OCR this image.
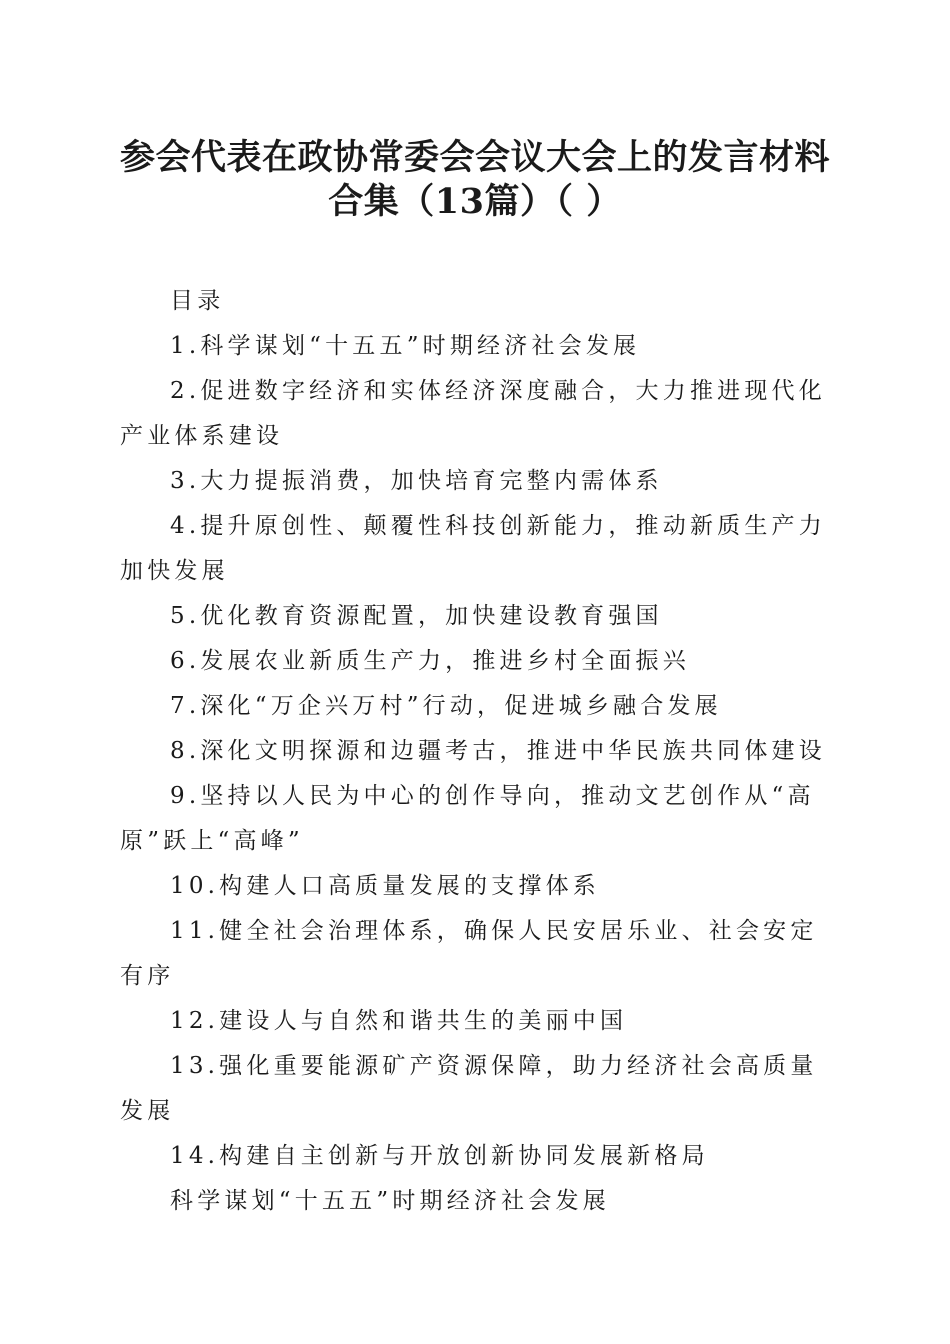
参会代表在政协常委会会议大会上的发言材料
合集（13篇）（ ）

目录

1.科学谋划“十五五”时期经济社会发展

2.促进数字经济和实体经济深度融合，大力推进现代化产业体系建设

3.大力提振消费，加快培育完整内需体系

4.提升原创性、颠覆性科技创新能力，推动新质生产力加快发展

5.优化教育资源配置，加快建设教育强国

6.发展农业新质生产力，推进乡村全面振兴

7.深化“万企兴万村”行动，促进城乡融合发展

8.深化文明探源和边疆考古，推进中华民族共同体建设

9.坚持以人民为中心的创作导向，推动文艺创作从“高原”跃上“高峰”

10.构建人口高质量发展的支撑体系

11.健全社会治理体系，确保人民安居乐业、社会安定有序

12.建设人与自然和谐共生的美丽中国

13.强化重要能源矿产资源保障，助力经济社会高质量发展

14.构建自主创新与开放创新协同发展新格局

科学谋划“十五五”时期经济社会发展
